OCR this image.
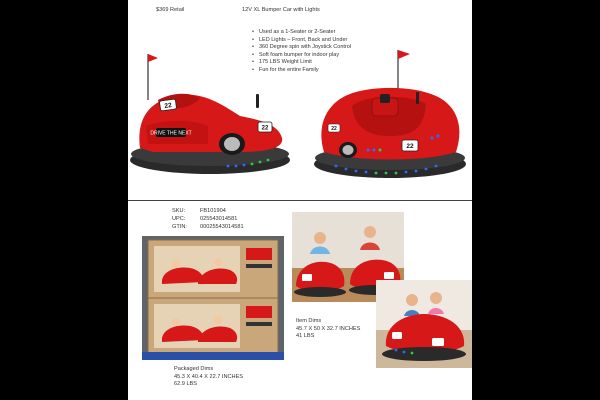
$369 Retail	12V XL Bumper Car with Lights
• Used as a 1-Seater or 2-Seater
• LED Lights – Front, Back and Under
• 360 Degree spin with Joystick Control
• Soft foam bumper for indoor play
• 175 LBS Weight Limit
• Fun for the entire Family
DRIVE THE NEXT
22
22
22
22
SKU:	FB101904
UPC:	025543014581
GTIN:	00025543014581
Item Dims
45.7 X 50 X 32.7 INCHES
41 LBS
Packaged Dims
45.3 X 40.4 X 22.7 INCHES
62.9 LBS
